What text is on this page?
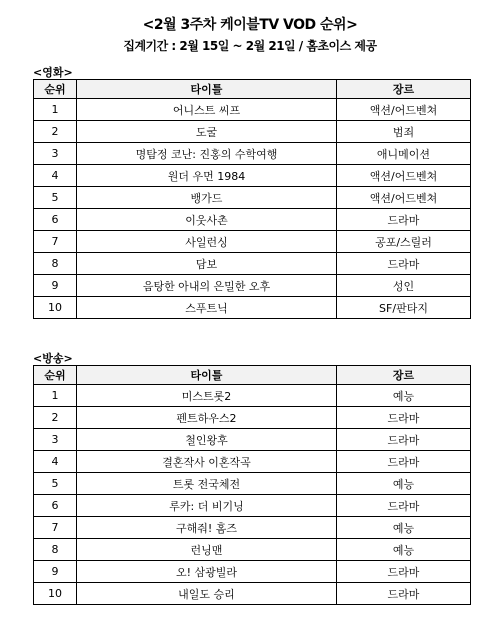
<2월 3주차 케이블TV VOD 순위>
집계기간 : 2월 15일 ~ 2월 21일 / 홈초이스 제공
<영화>
순위	타이틀	장르
1	어니스트 씨프	액션/어드벤쳐
2	도굴	범죄
3	명탐정 코난: 진홍의 수학여행	애니메이션
4	원더 우먼 1984	액션/어드벤쳐
5	뱅가드	액션/어드벤쳐
6	이웃사촌	드라마
7	사일런싱	공포/스릴러
8	담보	드라마
9	음탕한 아내의 은밀한 오후	성인
10	스푸트닉	SF/판타지
<방송>
순위	타이틀	장르
1	미스트롯2	예능
2	펜트하우스2	드라마
3	철인왕후	드라마
4	결혼작사 이혼작곡	드라마
5	트롯 전국체전	예능
6	루카: 더 비기닝	드라마
7	구해줘! 홈즈	예능
8	런닝맨	예능
9	오! 삼광빌라	드라마
10	내일도 승리	드라마
